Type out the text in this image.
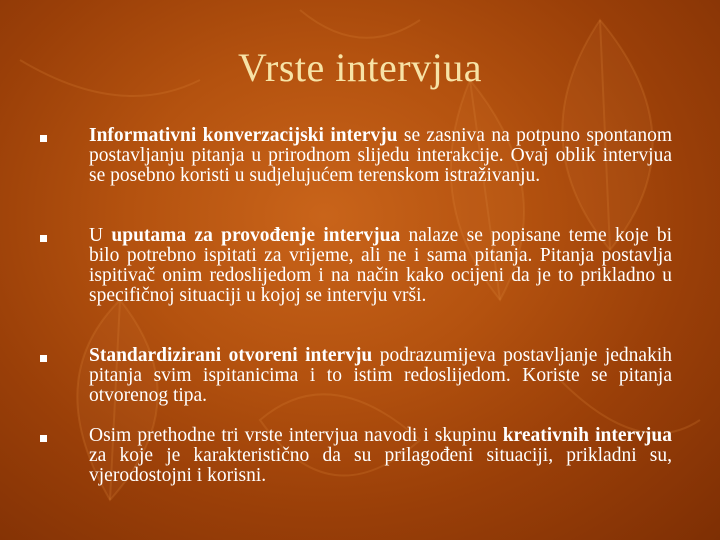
Vrste intervjua
Informativni konverzacijski intervju se zasniva na potpuno spontanom postavljanju pitanja u prirodnom slijedu interakcije. Ovaj oblik intervjua se posebno koristi u sudjelujućem terenskom istraživanju.
U uputama za provođenje intervjua nalaze se popisane teme koje bi bilo potrebno ispitati za vrijeme, ali ne i sama pitanja. Pitanja postavlja ispitivač onim redoslijedom i na način kako ocijeni da je to prikladno u specifičnoj situaciji u kojoj se intervju vrši.
Standardizirani otvoreni intervju podrazumijeva postavljanje jednakih pitanja svim ispitanicima i to istim redoslijedom. Koriste se pitanja otvorenog tipa.
Osim prethodne tri vrste intervjua navodi i skupinu kreativnih intervjua za koje je karakteristično da su prilagođeni situaciji, prikladni su, vjerodostojni i korisni.
